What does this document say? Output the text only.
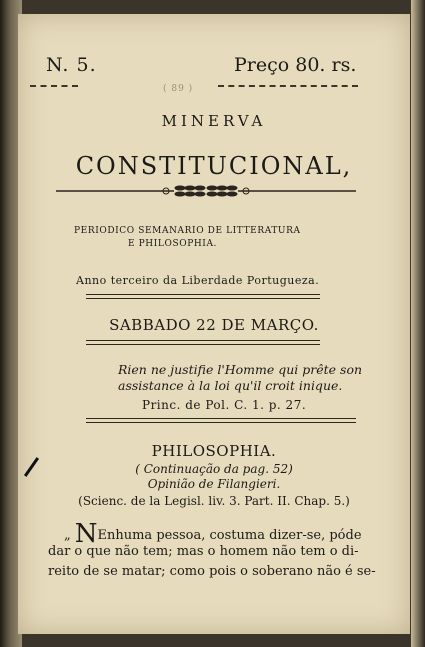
N. 5.	Preço 80. rs.
( 89 )
MINERVA
CONSTITUCIONAL,
PERIODICO SEMANARIO DE LITTERATURA
E PHILOSOPHIA.
Anno terceiro da Liberdade Portugueza.
SABBADO 22 DE MARÇO.
Rien ne justifie l'Homme qui prête son
assistance à la loi qu'il croit inique.
Princ. de Pol. C. 1. p. 27.
PHILOSOPHIA.
( Continuação da pag. 52)
Opinião de Filangieri.
(Scienc. de la Legisl. liv. 3. Part. II. Chap. 5.)
„ NEnhuma pessoa, costuma dizer-se, póde
dar o que não tem; mas o homem não tem o di-
reito de se matar; como pois o soberano não é se-
